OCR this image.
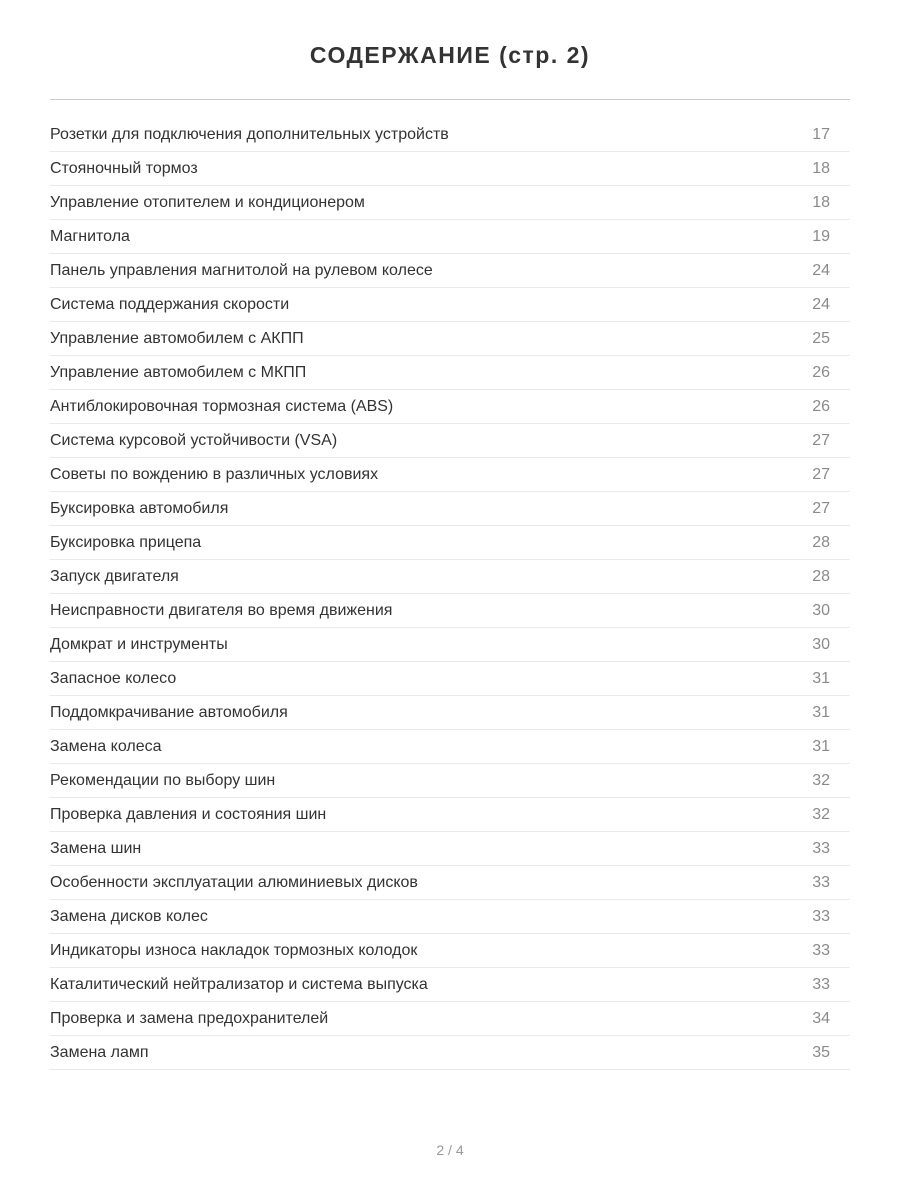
СОДЕРЖАНИЕ (стр. 2)
Розетки для подключения дополнительных устройств	17
Стояночный тормоз	18
Управление отопителем и кондиционером	18
Магнитола	19
Панель управления магнитолой на рулевом колесе	24
Система поддержания скорости	24
Управление автомобилем с АКПП	25
Управление автомобилем с МКПП	26
Антиблокировочная тормозная система (ABS)	26
Система курсовой устойчивости (VSA)	27
Советы по вождению в различных условиях	27
Буксировка автомобиля	27
Буксировка прицепа	28
Запуск двигателя	28
Неисправности двигателя во время движения	30
Домкрат и инструменты	30
Запасное колесо	31
Поддомкрачивание автомобиля	31
Замена колеса	31
Рекомендации по выбору шин	32
Проверка давления и состояния шин	32
Замена шин	33
Особенности эксплуатации алюминиевых дисков	33
Замена дисков колес	33
Индикаторы износа накладок тормозных колодок	33
Каталитический нейтрализатор и система выпуска	33
Проверка и замена предохранителей	34
Замена ламп	35
2 / 4
